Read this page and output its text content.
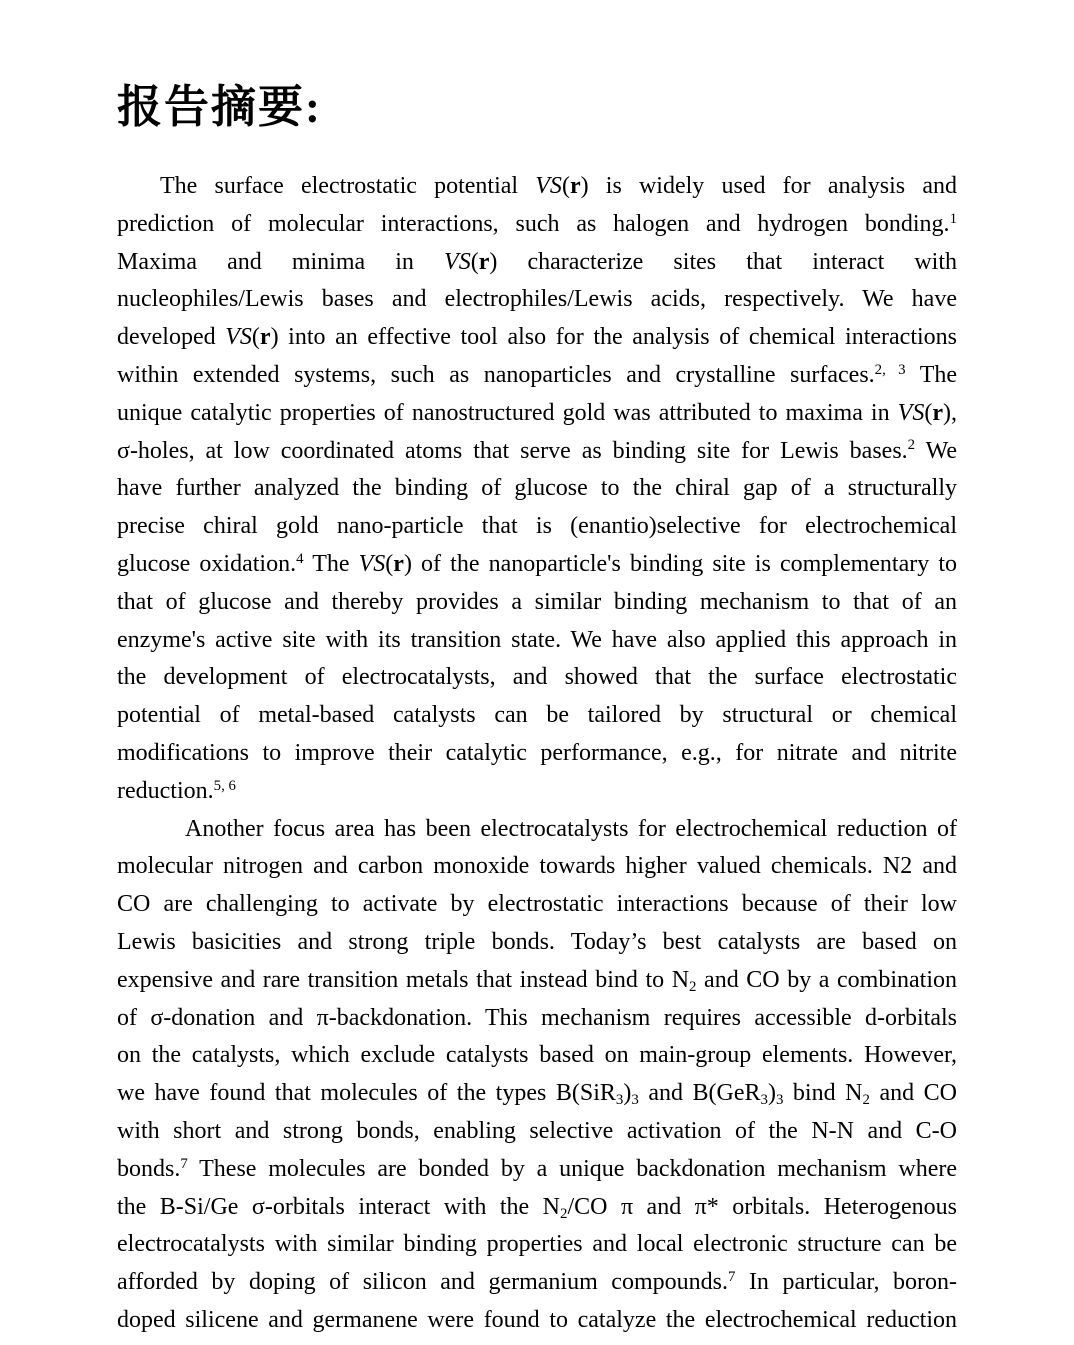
报告摘要:
The surface electrostatic potential VS(r) is widely used for analysis and
prediction of molecular interactions, such as halogen and hydrogen bonding.$^1$
Maxima and minima in VS(r) characterize sites that interact with
nucleophiles/Lewis bases and electrophiles/Lewis acids, respectively. We have
developed VS(r) into an effective tool also for the analysis of chemical interactions
within extended systems, such as nanoparticles and crystalline surfaces.$^{2, 3}$ The
unique catalytic properties of nanostructured gold was attributed to maxima in VS(r),
σ-holes, at low coordinated atoms that serve as binding site for Lewis bases.$^2$ We
have further analyzed the binding of glucose to the chiral gap of a structurally
precise chiral gold nano-particle that is (enantio)selective for electrochemical
glucose oxidation.$^4$ The VS(r) of the nanoparticle's binding site is complementary to
that of glucose and thereby provides a similar binding mechanism to that of an
enzyme's active site with its transition state. We have also applied this approach in
the development of electrocatalysts, and showed that the surface electrostatic
potential of metal-based catalysts can be tailored by structural or chemical
modifications to improve their catalytic performance, e.g., for nitrate and nitrite
reduction.$^{5, 6}$
Another focus area has been electrocatalysts for electrochemical reduction of
molecular nitrogen and carbon monoxide towards higher valued chemicals. N2 and
CO are challenging to activate by electrostatic interactions because of their low
Lewis basicities and strong triple bonds. Today’s best catalysts are based on
expensive and rare transition metals that instead bind to $N_2$ and CO by a combination
of σ-donation and π-backdonation. This mechanism requires accessible d-orbitals
on the catalysts, which exclude catalysts based on main-group elements. However,
we have found that molecules of the types $B(SiR_3)_3$ and $B(GeR_3)_3$ bind $N_2$ and CO
with short and strong bonds, enabling selective activation of the N-N and C-O
bonds.$^7$ These molecules are bonded by a unique backdonation mechanism where
the B-Si/Ge σ-orbitals interact with the $N_2/CO$ π and π* orbitals. Heterogenous
electrocatalysts with similar binding properties and local electronic structure can be
afforded by doping of silicon and germanium compounds.$^7$ In particular, boron-
doped silicene and germanene were found to catalyze the electrochemical reduction
